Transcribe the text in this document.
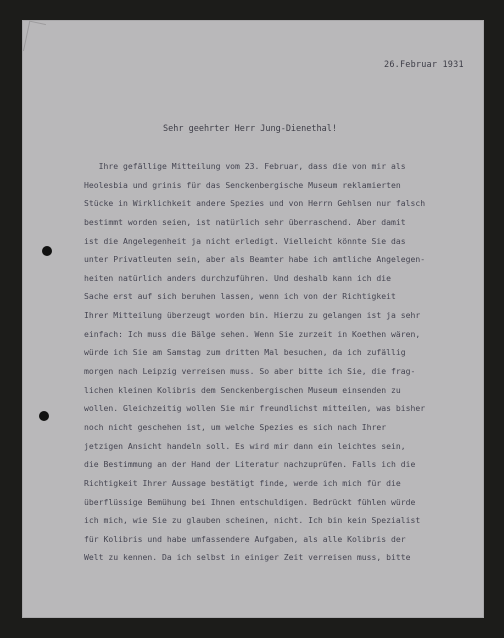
26.Februar 1931
Sehr geehrter Herr Jung-Dienethal!
Ihre gefällige Mitteilung vom 23. Februar, dass die von mir als
Heolesbia und grinis für das Senckenbergische Museum reklamierten
Stücke in Wirklichkeit andere Spezies und von Herrn Gehlsen nur falsch
bestimmt worden seien, ist natürlich sehr überraschend. Aber damit
ist die Angelegenheit ja nicht erledigt. Vielleicht könnte Sie das
unter Privatleuten sein, aber als Beamter habe ich amtliche Angelegen-
heiten natürlich anders durchzuführen. Und deshalb kann ich die
Sache erst auf sich beruhen lassen, wenn ich von der Richtigkeit
Ihrer Mitteilung überzeugt worden bin. Hierzu zu gelangen ist ja sehr
einfach: Ich muss die Bälge sehen. Wenn Sie zurzeit in Koethen wären,
würde ich Sie am Samstag zum dritten Mal besuchen, da ich zufällig
morgen nach Leipzig verreisen muss. So aber bitte ich Sie, die frag-
lichen kleinen Kolibris dem Senckenbergischen Museum einsenden zu
wollen. Gleichzeitig wollen Sie mir freundlichst mitteilen, was bisher
noch nicht geschehen ist, um welche Spezies es sich nach Ihrer
jetzigen Ansicht handeln soll. Es wird mir dann ein leichtes sein,
die Bestimmung an der Hand der Literatur nachzuprüfen. Falls ich die
Richtigkeit Ihrer Aussage bestätigt finde, werde ich mich für die
überflüssige Bemühung bei Ihnen entschuldigen. Bedrückt fühlen würde
ich mich, wie Sie zu glauben scheinen, nicht. Ich bin kein Spezialist
für Kolibris und habe umfassendere Aufgaben, als alle Kolibris der
Welt zu kennen. Da ich selbst in einiger Zeit verreisen muss, bitte
